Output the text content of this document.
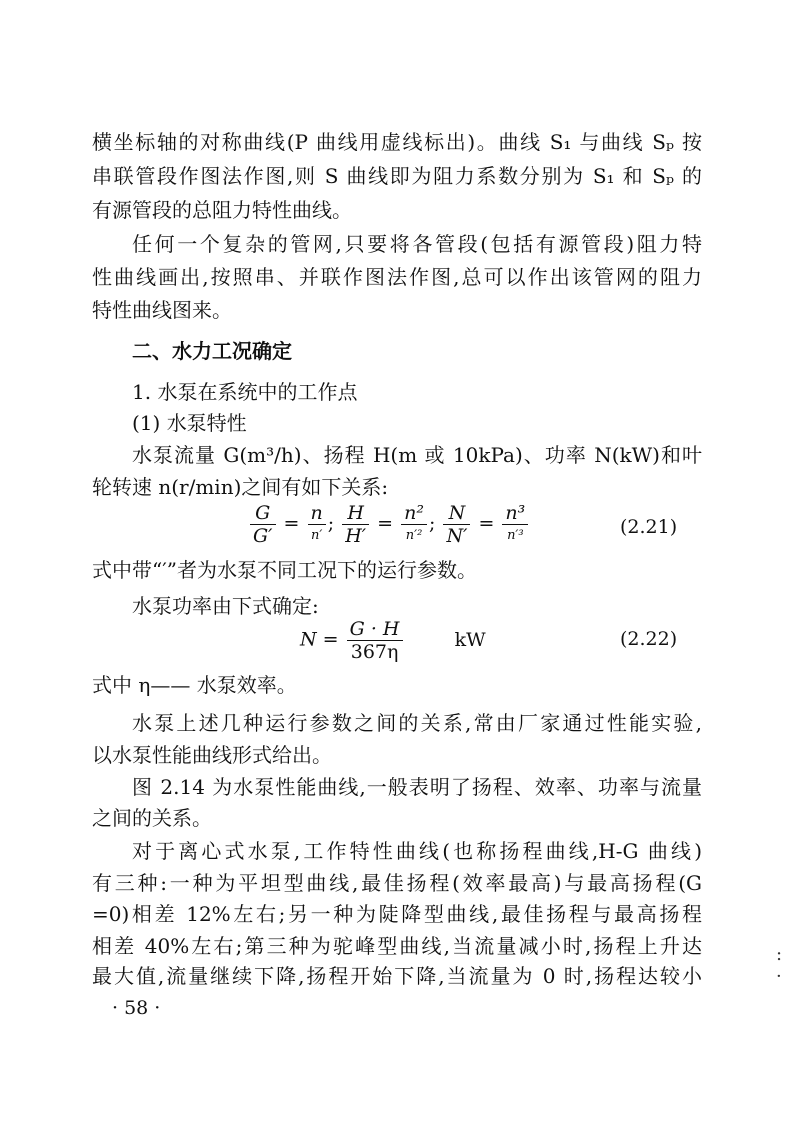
横坐标轴的对称曲线(P 曲线用虚线标出)。曲线 S₁ 与曲线 Sₚ 按
串联管段作图法作图,则 S 曲线即为阻力系数分别为 S₁ 和 Sₚ 的
有源管段的总阻力特性曲线。
任何一个复杂的管网,只要将各管段(包括有源管段)阻力特
性曲线画出,按照串、并联作图法作图,总可以作出该管网的阻力
特性曲线图来。
二、水力工况确定
1. 水泵在系统中的工作点
(1) 水泵特性
水泵流量 G(m³/h)、扬程 H(m 或 10kPa)、功率 N(kW)和叶
轮转速 n(r/min)之间有如下关系:
$\frac{G}{G'} = \frac{n}{n'}$ ; $\frac{H}{H'} = \frac{\text{n²}}{\text{n′²}}$ ; $\frac{N}{N'} = \frac{\text{n³}}{\text{n′³}}$	(2.21)
式中带“′”者为水泵不同工况下的运行参数。
水泵功率由下式确定:
$N = \frac{G \cdot H}{367\eta}$	kW	(2.22)
式中 η—— 水泵效率。
水泵上述几种运行参数之间的关系,常由厂家通过性能实验,
以水泵性能曲线形式给出。
图 2.14 为水泵性能曲线,一般表明了扬程、效率、功率与流量
之间的关系。
对于离心式水泵,工作特性曲线(也称扬程曲线,H-G 曲线)
有三种:一种为平坦型曲线,最佳扬程(效率最高)与最高扬程(G
=0)相差 12%左右;另一种为陡降型曲线,最佳扬程与最高扬程
相差 40%左右;第三种为驼峰型曲线,当流量减小时,扬程上升达
最大值,流量继续下降,扬程开始下降,当流量为 0 时,扬程达较小
· 58 ·
:
·
